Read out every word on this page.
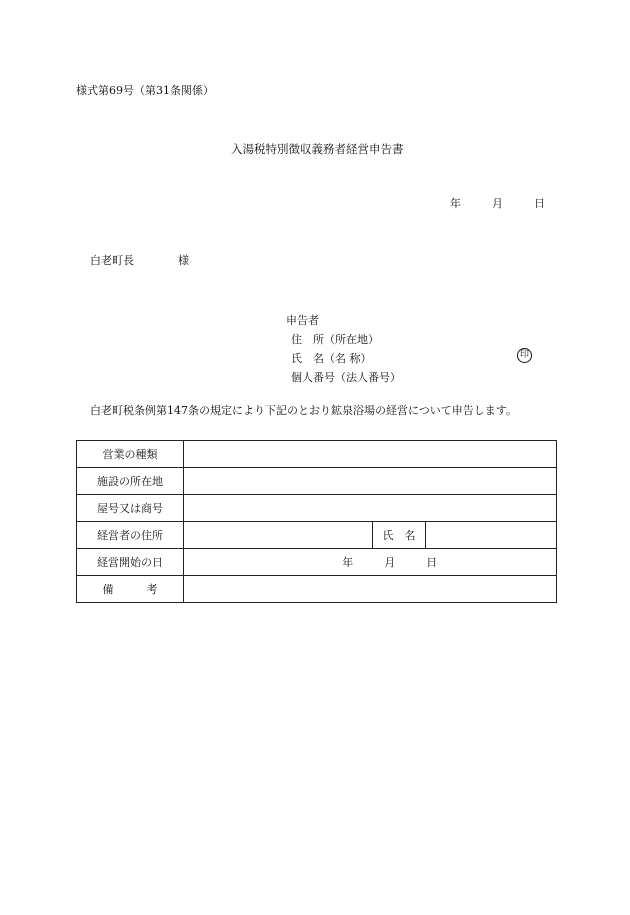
様式第69号（第31条関係）
入湯税特別徴収義務者経営申告書
年	月	日
白老町長	様
申告者
住　所（所在地）
氏　名（名 称）
個人番号（法人番号）
印
白老町税条例第147条の規定により下記のとおり鉱泉浴場の経営について申告します。
営業の種類			
施設の所在地			
屋号又は商号			
経営者の住所		氏　名	
経営開始の日	年 月 日		
備　　　考			
